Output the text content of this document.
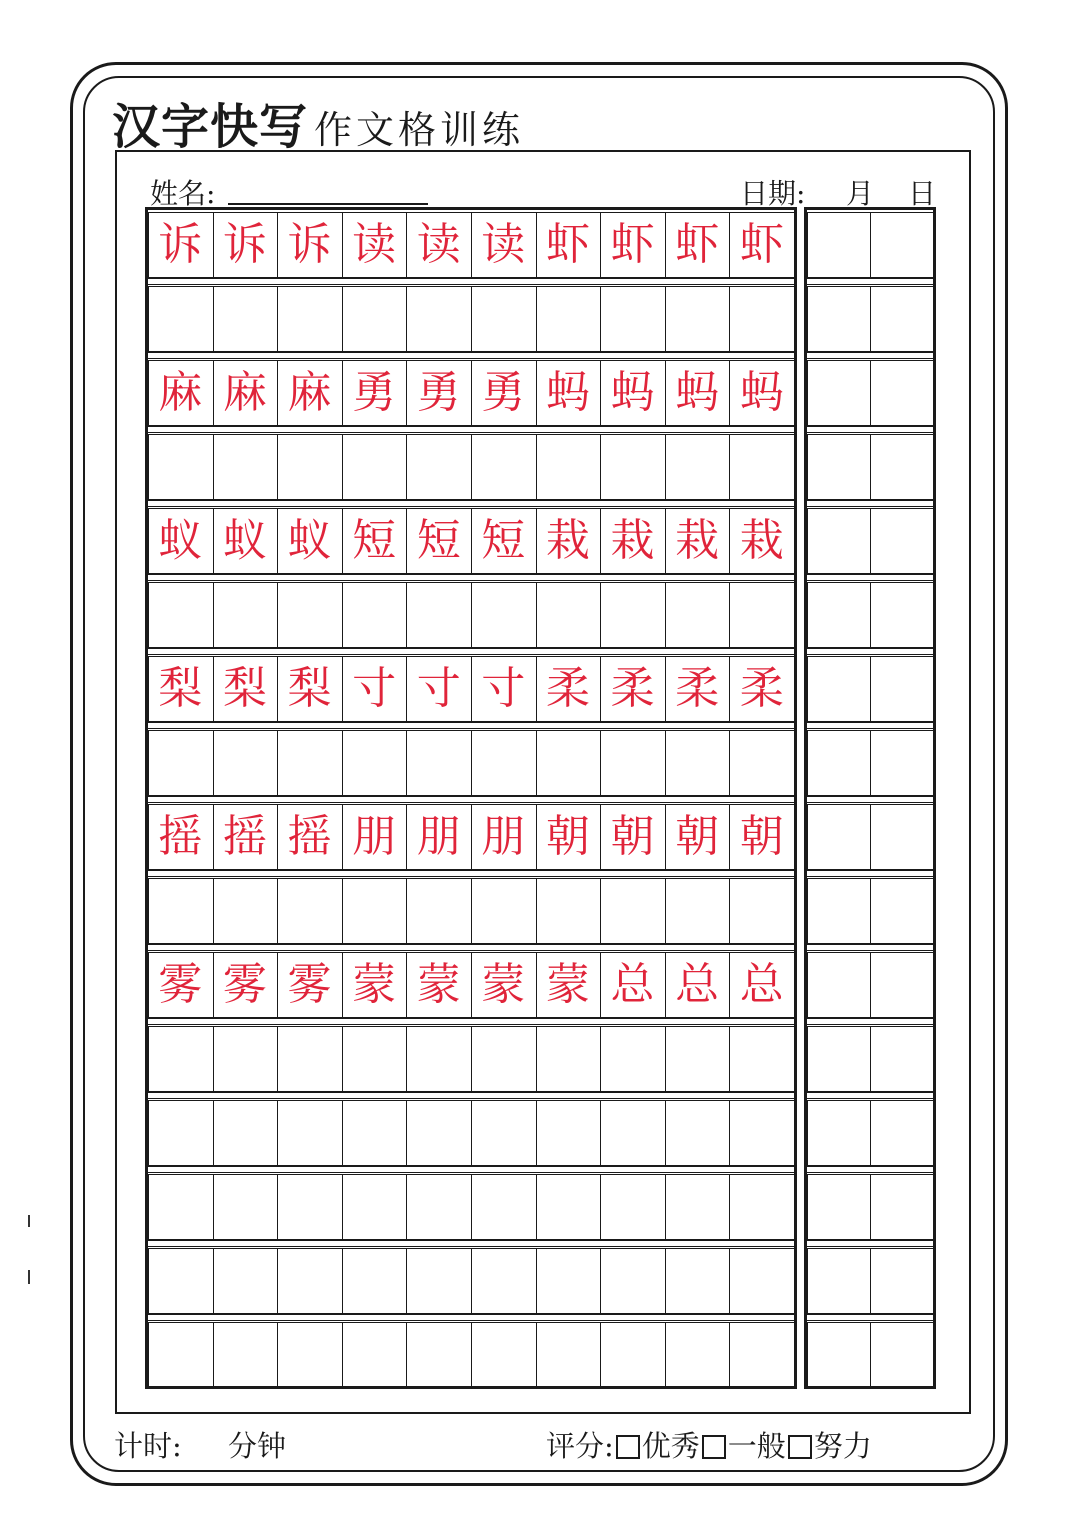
汉字快写 作文格训练
姓名:	日期: 月 日
诉 诉 诉 读 读 读 虾 虾 虾 虾
麻 麻 麻 勇 勇 勇 蚂 蚂 蚂 蚂
蚁 蚁 蚁 短 短 短 栽 栽 栽 栽
梨 梨 梨 寸 寸 寸 柔 柔 柔 柔
摇 摇 摇 朋 朋 朋 朝 朝 朝 朝
雾 雾 雾 蒙 蒙 蒙 蒙 总 总 总
计时: 分钟	评分: 优秀 一般 努力
